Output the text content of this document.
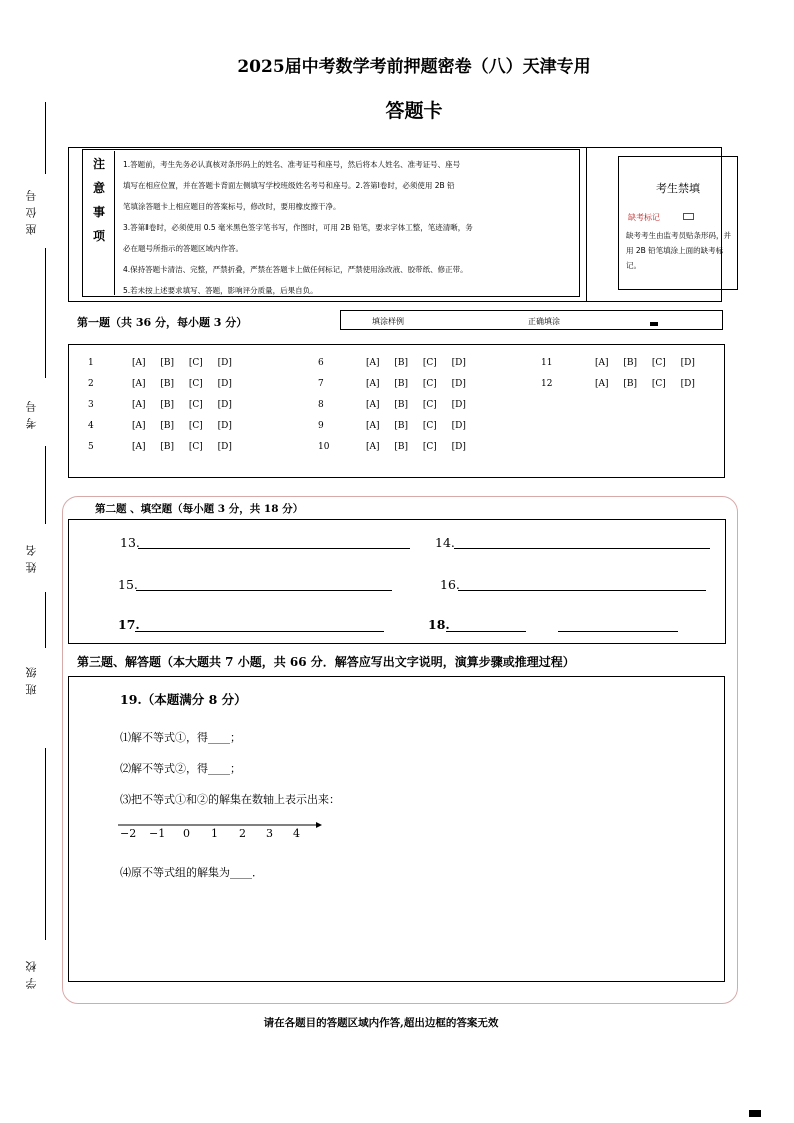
2025届中考数学考前押题密卷（八）天津专用
答题卡
座位号
考号
姓名
班级
学校
注
意
事
项
1.答题前，考生先务必认真核对条形码上的姓名、准考证号和座号，然后将本人姓名、准考证号、座号
填写在相应位置，并在答题卡背面左侧填写学校班级姓名考号和座号。2.答第Ⅰ卷时，必须使用 2B 铅
笔填涂答题卡上相应题目的答案标号，修改时，要用橡皮擦干净。
3.答第Ⅱ卷时，必须使用 0.5 毫米黑色签字笔书写，作图时，可用 2B 铅笔，要求字体工整，笔迹清晰，务
必在题号所指示的答题区域内作答。
4.保持答题卡清洁、完整，严禁折叠，严禁在答题卡上做任何标记，严禁使用涂改液、胶带纸、修正带。
5.若未按上述要求填写、答题，影响评分质量，后果自负。
考生禁填
缺考标记
缺考考生由监考员贴条形码，并用 2B 铅笔填涂上面的缺考标记。
第一题（共 36 分，每小题 3 分）	填涂样例	正确填涂
1	[A] [B] [C] [D]
2	[A] [B] [C] [D]
3	[A] [B] [C] [D]
4	[A] [B] [C] [D]
5	[A] [B] [C] [D]
6	[A] [B] [C] [D]
7	[A] [B] [C] [D]
8	[A] [B] [C] [D]
9	[A] [B] [C] [D]
10	[A] [B] [C] [D]
11	[A] [B] [C] [D]
12	[A] [B] [C] [D]
第二题 、填空题（每小题 3 分，共 18 分）
13.	14.
15.	16.
17.	18.
第三题、解答题（本大题共 7 小题，共 66 分．解答应写出文字说明，演算步骤或推理过程）
19.（本题满分 8 分）
⑴解不等式①，得____；
⑵解不等式②，得____；
⑶把不等式①和②的解集在数轴上表示出来：
−2 −1 0 1 2 3 4
⑷原不等式组的解集为____．
请在各题目的答题区域内作答,超出边框的答案无效
